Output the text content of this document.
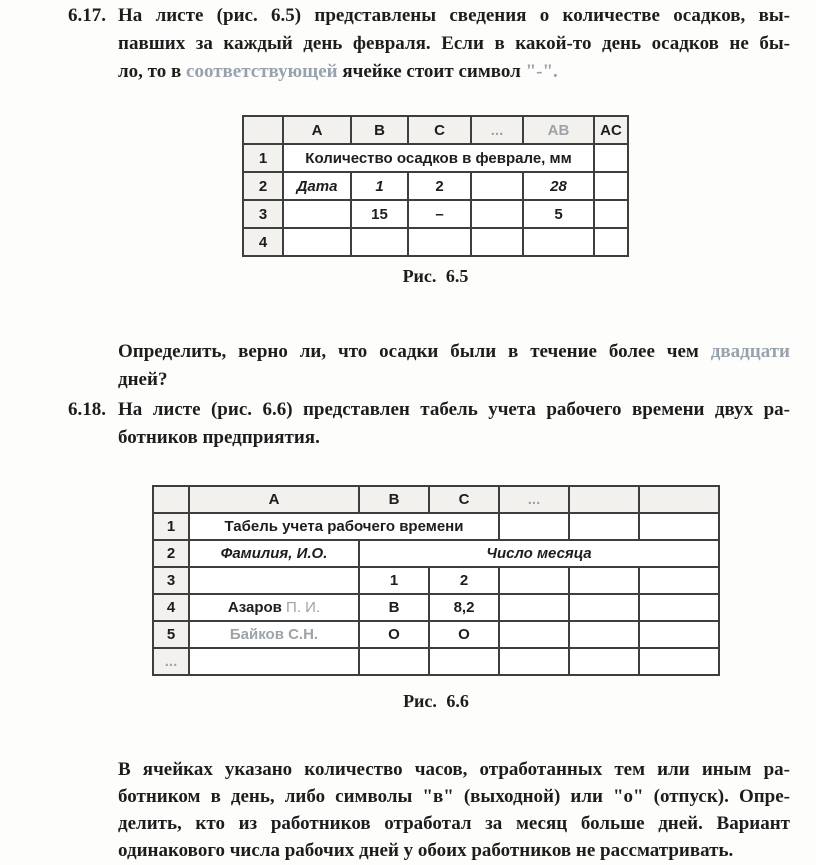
6.17. На листе (рис. 6.5) представлены сведения о количестве осадков, вы-
павших за каждый день февраля. Если в какой-то день осадков не бы-
ло, то в соответствующей ячейке стоит символ "-".
	A	B	C	...	AB	AC
1	Количество осадков в феврале, мм					
2	Дата	1	2		28	
3		15	–		5	
4						
Рис. 6.5
Определить, верно ли, что осадки были в течение более чем двадцати
дней?
6.18. На листе (рис. 6.6) представлен табель учета рабочего времени двух ра-
ботников предприятия.
	A	B	C	...		
1	Табель учета рабочего времени					
2	Фамилия, И.О.	Число месяца				
3		1	2			
4	Азаров П. И.	В	8,2			
5	Байков С.Н.	О	О			
...						
Рис. 6.6
В ячейках указано количество часов, отработанных тем или иным ра-
ботником в день, либо символы "в" (выходной) или "о" (отпуск). Опре-
делить, кто из работников отработал за месяц больше дней. Вариант
одинакового числа рабочих дней у обоих работников не рассматривать.
